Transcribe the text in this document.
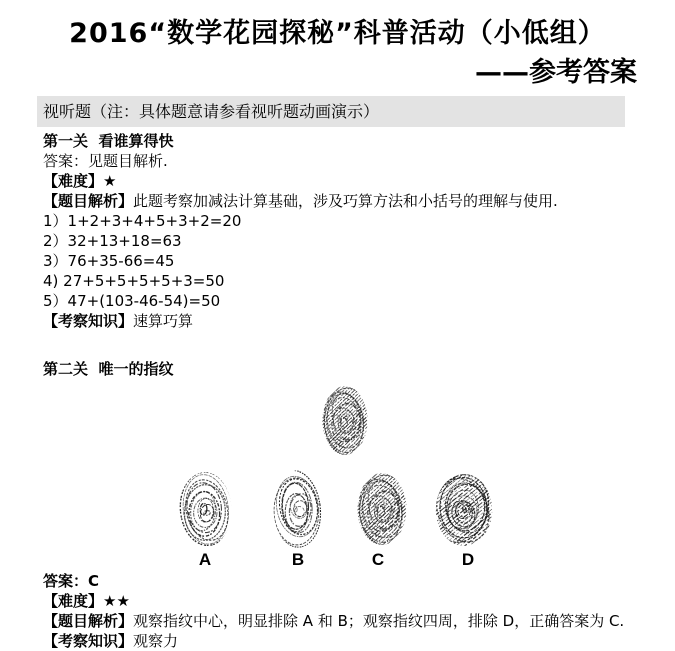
2016“数学花园探秘”科普活动（小低组）
——参考答案
视听题（注：具体题意请参看视听题动画演示）

第一关  看谁算得快

答案：见题目解析.

【难度】★

【题目解析】此题考察加减法计算基础，涉及巧算方法和小括号的理解与使用.

1）1+2+3+4+5+3+2=20

2）32+13+18=63

3）76+35-66=45

4) 27+5+5+5+5+3=50

5）47+(103-46-54)=50

【考察知识】速算巧算

第二关  唯一的指纹

A	B	C	D

答案：C

【难度】★★

【题目解析】观察指纹中心，明显排除 A 和 B；观察指纹四周，排除 D，正确答案为 C.

【考察知识】观察力
